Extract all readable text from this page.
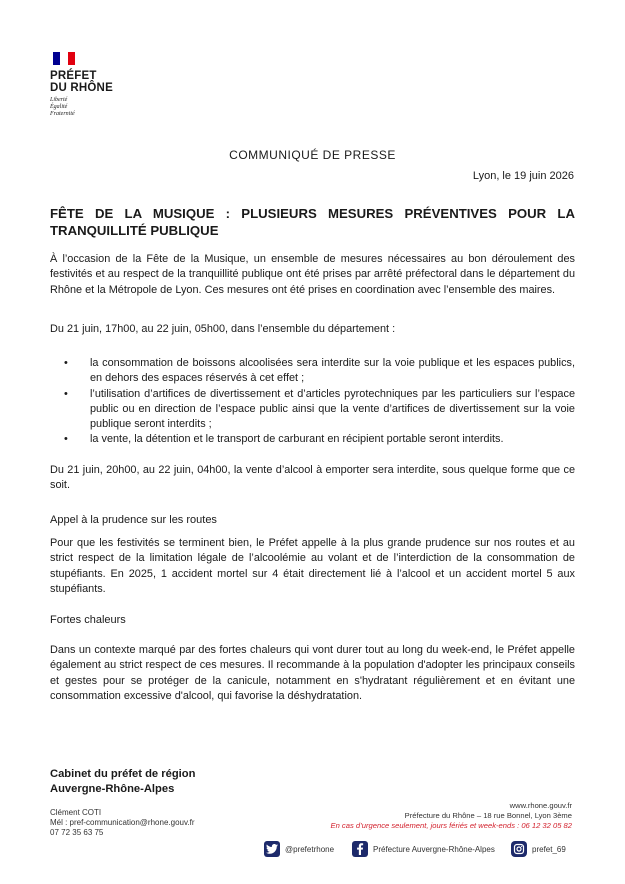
PRÉFET
DU RHÔNE
Liberté
Égalité
Fraternité
COMMUNIQUÉ DE PRESSE
Lyon, le 19 juin 2026
FÊTE DE LA MUSIQUE : PLUSIEURS MESURES PRÉVENTIVES POUR LA
TRANQUILLITÉ PUBLIQUE

À l’occasion de la Fête de la Musique, un ensemble de mesures nécessaires au bon déroulement des festivités et au respect de la tranquillité publique ont été prises par arrêté préfectoral dans le département du Rhône et la Métropole de Lyon. Ces mesures ont été prises en coordination avec l’ensemble des maires.

Du 21 juin, 17h00, au 22 juin, 05h00, dans l’ensemble du département :

• la consommation de boissons alcoolisées sera interdite sur la voie publique et les espaces publics, en dehors des espaces réservés à cet effet ;
• l’utilisation d’artifices de divertissement et d’articles pyrotechniques par les particuliers sur l’espace public ou en direction de l’espace public ainsi que la vente d’artifices de divertissement sur la voie publique seront interdits ;
• la vente, la détention et le transport de carburant en récipient portable seront interdits.

Du 21 juin, 20h00, au 22 juin, 04h00, la vente d’alcool à emporter sera interdite, sous quelque forme que ce soit.

Appel à la prudence sur les routes

Pour que les festivités se terminent bien, le Préfet appelle à la plus grande prudence sur nos routes et au strict respect de la limitation légale de l’alcoolémie au volant et de l’interdiction de la consommation de stupéfiants. En 2025, 1 accident mortel sur 4 était directement lié à l’alcool et un accident mortel 5 aux stupéfiants.

Fortes chaleurs

Dans un contexte marqué par des fortes chaleurs qui vont durer tout au long du week-end, le Préfet appelle également au strict respect de ces mesures. Il recommande à la population d'adopter les principaux conseils et gestes pour se protéger de la canicule, notamment en s'hydratant régulièrement et en évitant une consommation excessive d'alcool, qui favorise la déshydratation.

Cabinet du préfet de région
Auvergne-Rhône-Alpes
Clément COTI
Mél : pref-communication@rhone.gouv.fr
07 72 35 63 75
www.rhone.gouv.fr
Préfecture du Rhône – 18 rue Bonnel, Lyon 3ème
En cas d’urgence seulement, jours fériés et week-ends : 06 12 32 05 82
@prefetrhone	Préfecture Auvergne-Rhône-Alpes	prefet_69
